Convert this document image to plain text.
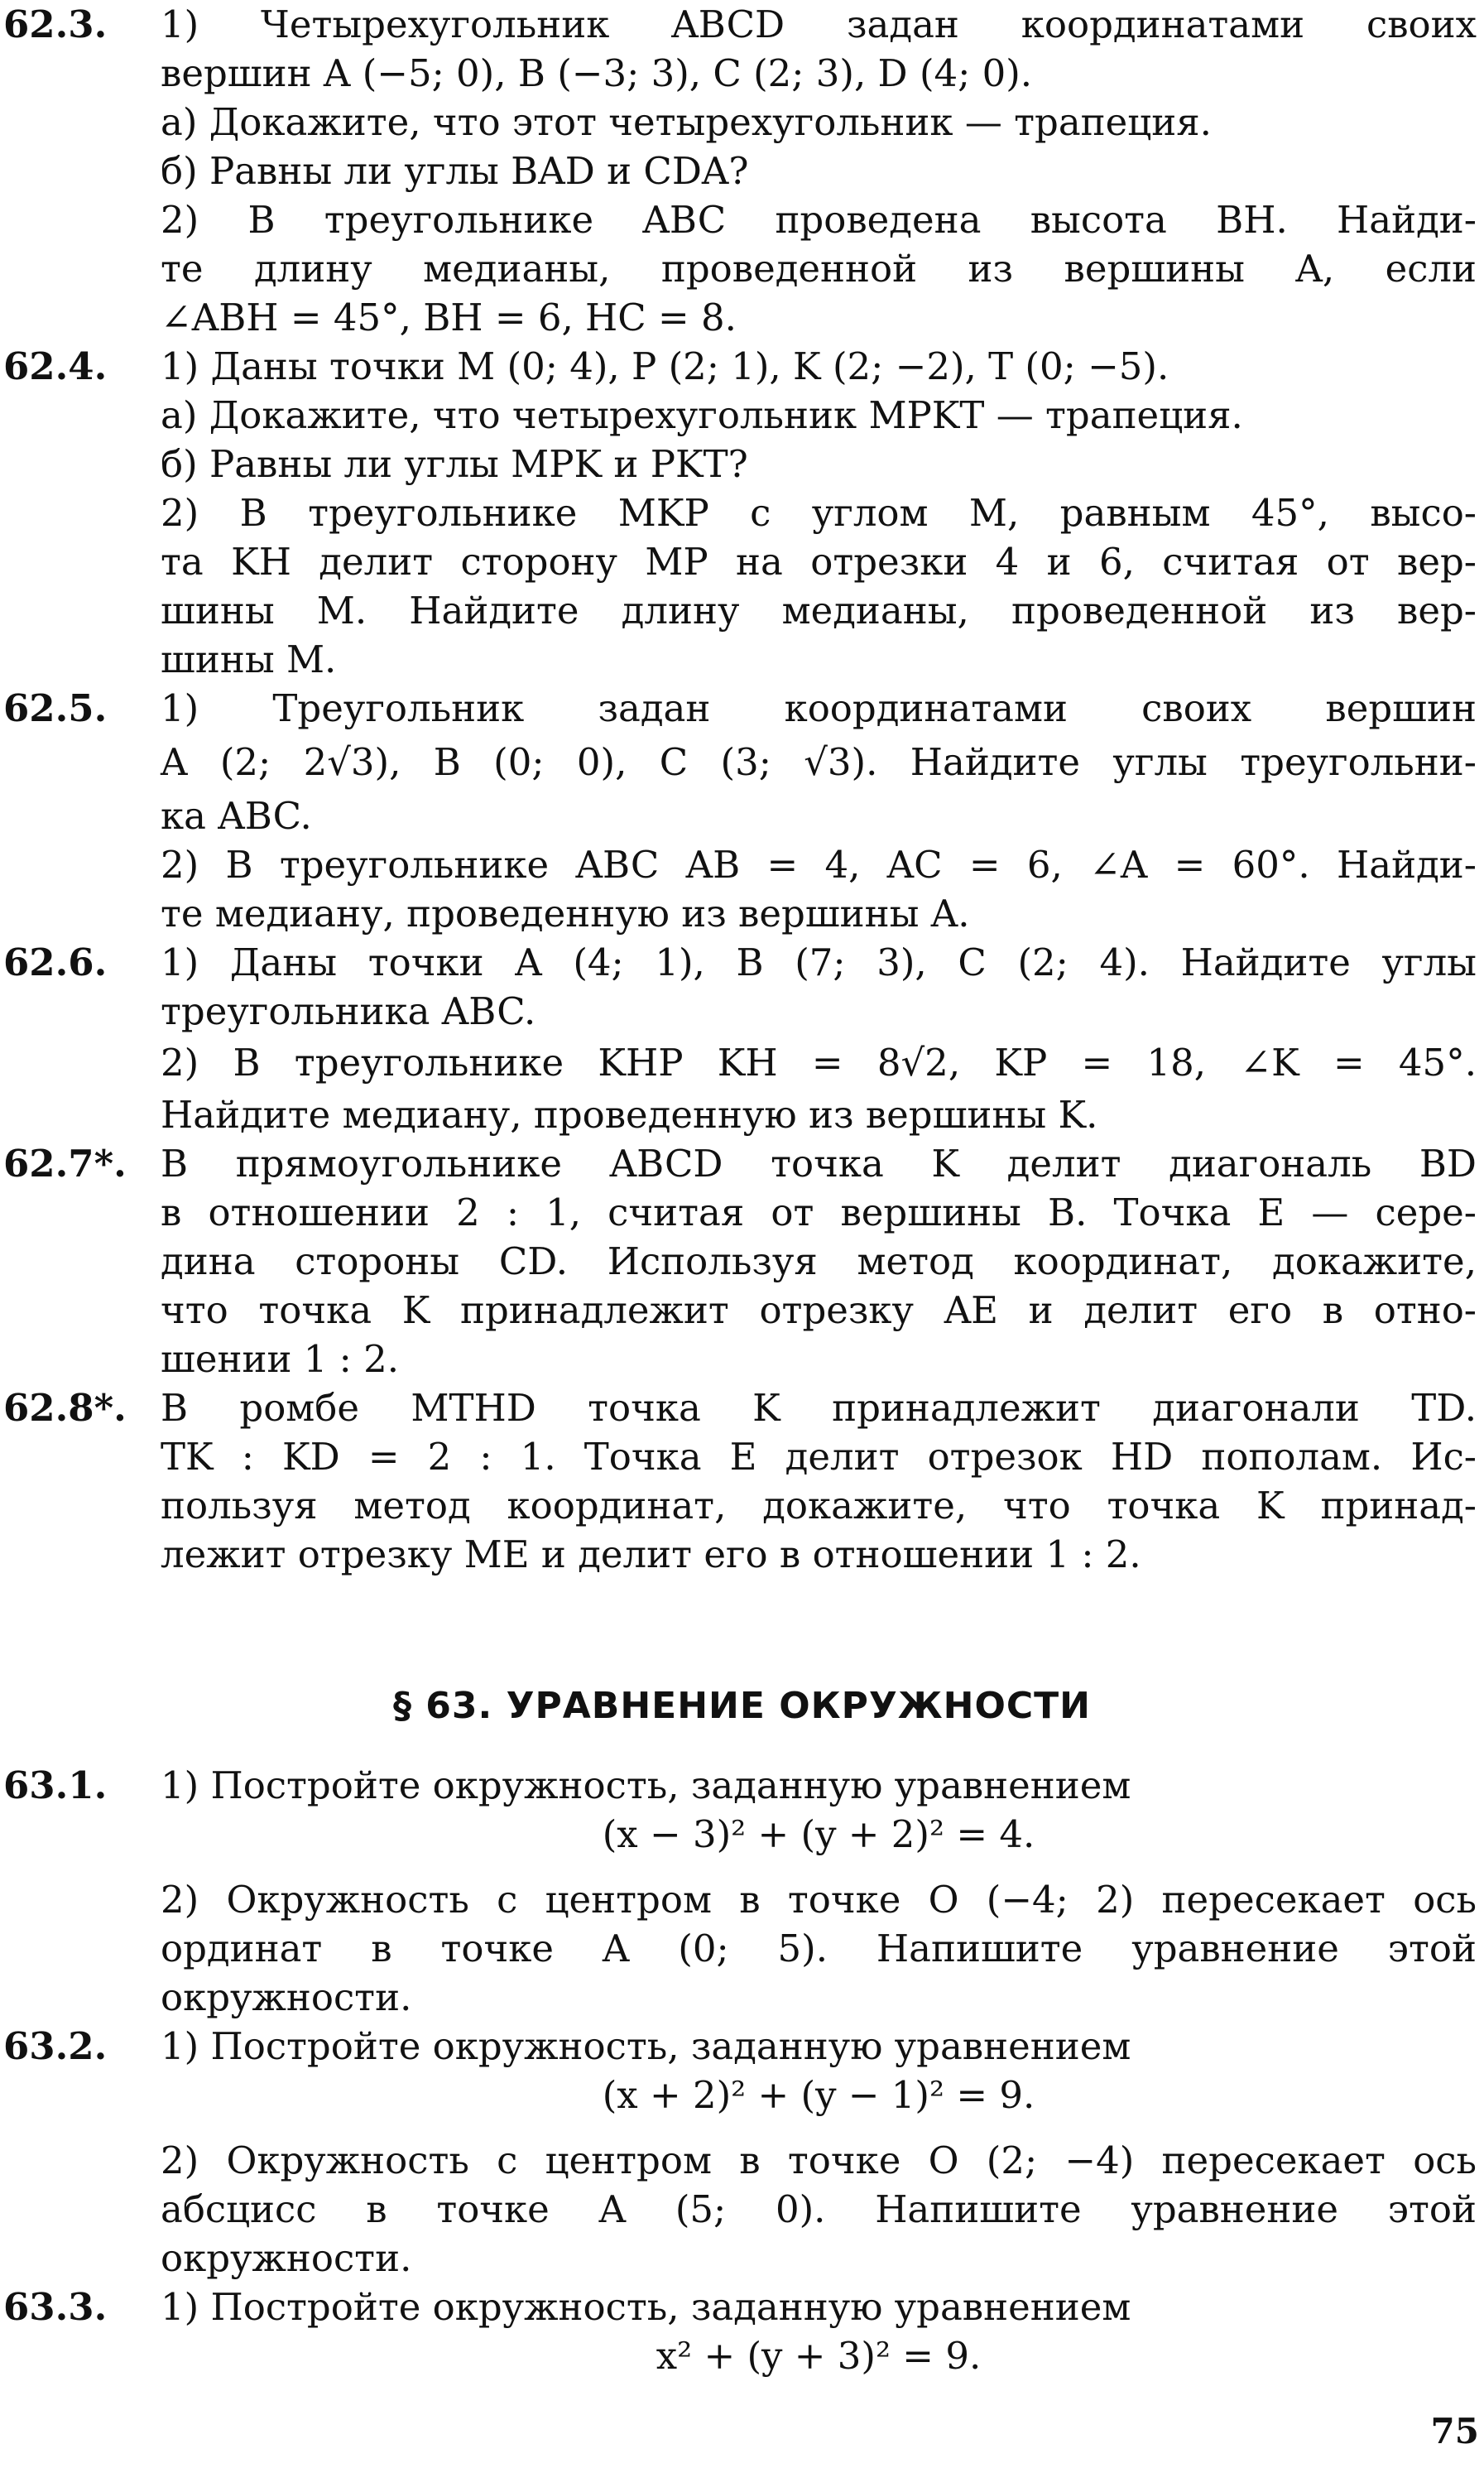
62.3. 1) Четырехугольник ABCD задан координатами своих
вершин A (−5; 0), B (−3; 3), C (2; 3), D (4; 0).
а) Докажите, что этот четырехугольник — трапеция.
б) Равны ли углы BAD и CDA?
2) В треугольнике ABC проведена высота BH. Найди-
те длину медианы, проведенной из вершины A, если
∠ABH = 45°, BH = 6, HC = 8.
62.4. 1) Даны точки M (0; 4), P (2; 1), K (2; −2), T (0; −5).
а) Докажите, что четырехугольник MPKT — трапеция.
б) Равны ли углы MPK и PKT?
2) В треугольнике MKP с углом M, равным 45°, высо-
та KH делит сторону MP на отрезки 4 и 6, считая от вер-
шины M. Найдите длину медианы, проведенной из вер-
шины M.
62.5. 1) Треугольник задан координатами своих вершин
A (2; 2√3), B (0; 0), C (3; √3). Найдите углы треугольни-
ка ABC.
2) В треугольнике ABC AB = 4, AC = 6, ∠A = 60°. Найди-
те медиану, проведенную из вершины A.
62.6. 1) Даны точки A (4; 1), B (7; 3), C (2; 4). Найдите углы
треугольника ABC.
2) В треугольнике KHP KH = 8√2, KP = 18, ∠K = 45°.
Найдите медиану, проведенную из вершины K.
62.7*. В прямоугольнике ABCD точка K делит диагональ BD
в отношении 2 : 1, считая от вершины B. Точка E — сере-
дина стороны CD. Используя метод координат, докажите,
что точка K принадлежит отрезку AE и делит его в отно-
шении 1 : 2.
62.8*. В ромбе MTHD точка K принадлежит диагонали TD.
TK : KD = 2 : 1. Точка E делит отрезок HD пополам. Ис-
пользуя метод координат, докажите, что точка K принад-
лежит отрезку ME и делит его в отношении 1 : 2.
§ 63. УРАВНЕНИЕ ОКРУЖНОСТИ
63.1. 1) Постройте окружность, заданную уравнением
(x − 3)² + (y + 2)² = 4.
2) Окружность с центром в точке O (−4; 2) пересекает ось
ординат в точке A (0; 5). Напишите уравнение этой
окружности.
63.2. 1) Постройте окружность, заданную уравнением
(x + 2)² + (y − 1)² = 9.
2) Окружность с центром в точке O (2; −4) пересекает ось
абсцисс в точке A (5; 0). Напишите уравнение этой
окружности.
63.3. 1) Постройте окружность, заданную уравнением
x² + (y + 3)² = 9.
75
